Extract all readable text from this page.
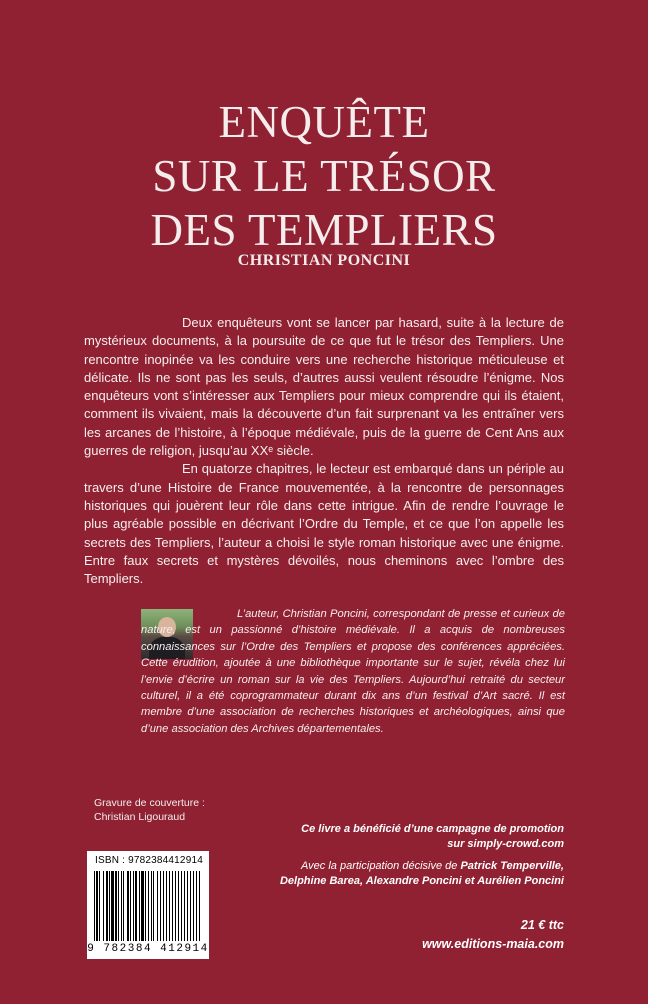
ENQUÊTE
SUR LE TRÉSOR
DES TEMPLIERS
CHRISTIAN PONCINI

Deux enquêteurs vont se lancer par hasard, suite à la lecture de mystérieux documents, à la poursuite de ce que fut le trésor des Templiers. Une rencontre inopinée va les conduire vers une recherche historique méticuleuse et délicate. Ils ne sont pas les seuls, d’autres aussi veulent résoudre l’énigme. Nos enquêteurs vont s’intéresser aux Templiers pour mieux comprendre qui ils étaient, comment ils vivaient, mais la découverte d’un fait surprenant va les entraîner vers les arcanes de l’histoire, à l’époque médiévale, puis de la guerre de Cent Ans aux guerres de religion, jusqu’au XXᵉ siècle.

En quatorze chapitres, le lecteur est embarqué dans un périple au travers d’une Histoire de France mouvementée, à la rencontre de personnages historiques qui jouèrent leur rôle dans cette intrigue. Afin de rendre l’ouvrage le plus agréable possible en décrivant l’Ordre du Temple, et ce que l’on appelle les secrets des Templiers, l’auteur a choisi le style roman historique avec une énigme. Entre faux secrets et mystères dévoilés, nous cheminons avec l’ombre des Templiers.

L’auteur, Christian Poncini, correspondant de presse et curieux de nature, est un passionné d’histoire médiévale. Il a acquis de nombreuses connaissances sur l’Ordre des Templiers et propose des conférences appréciées. Cette érudition, ajoutée à une bibliothèque importante sur le sujet, révéla chez lui l’envie d’écrire un roman sur la vie des Templiers. Aujourd’hui retraité du secteur culturel, il a été coprogrammateur durant dix ans d’un festival d’Art sacré. Il est membre d’une association de recherches historiques et archéologiques, ainsi que d’une association des Archives départementales.
Gravure de couverture :
Christian Ligouraud

Ce livre a bénéficié d’une campagne de promotion
sur simply-crowd.com

Avec la participation décisive de Patrick Temperville,
Delphine Barea, Alexandre Poncini et Aurélien Poncini

ISBN : 9782384412914
9 782384 412914
21 € ttc
www.editions-maia.com
